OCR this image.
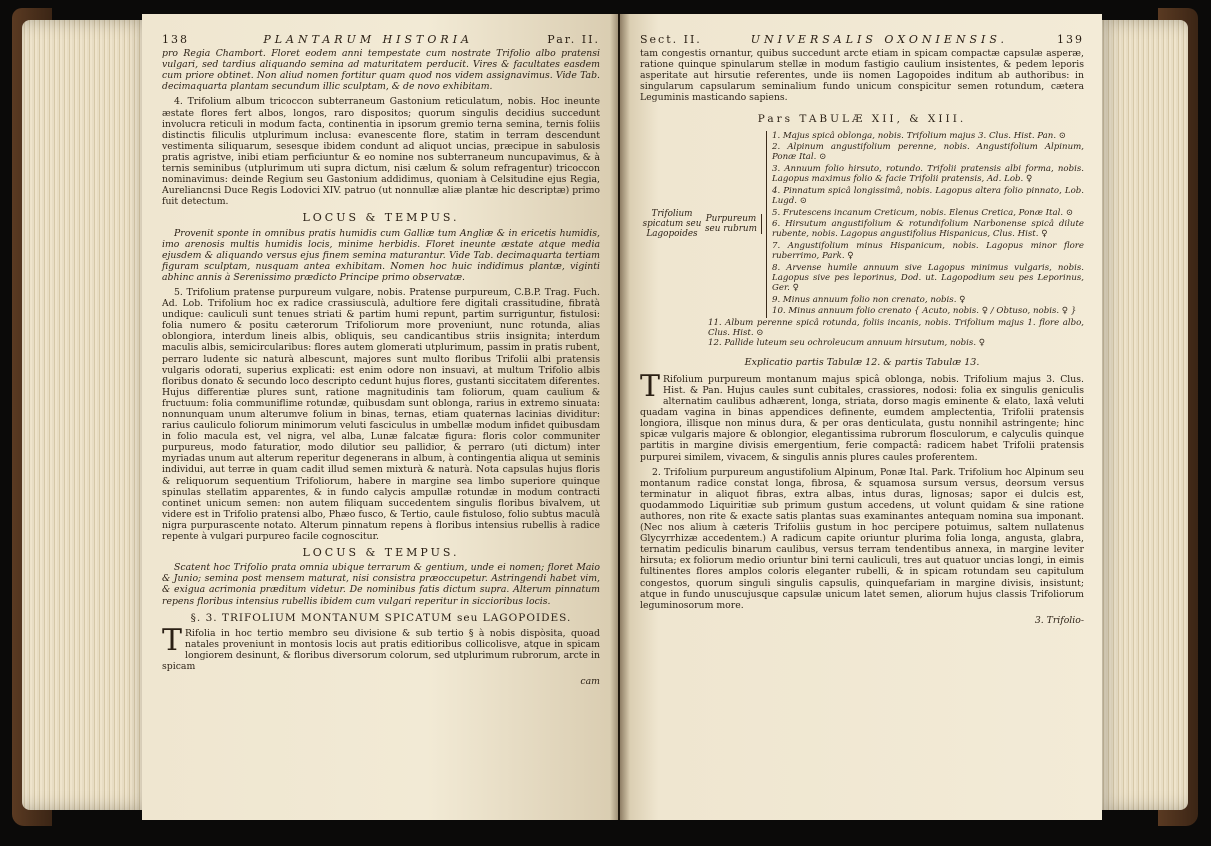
138	PLANTARUM HISTORIA	Par. II.

pro Regia Chambort. Floret eodem anni tempestate cum nostrate Trifolio albo pratensi vulgari, sed tardius aliquando semina ad maturitatem perducit. Vires & facultates easdem cum priore obtinet. Non aliud nomen fortitur quam quod nos videm assignavimus. Vide Tab. decimaquarta plantam secundum illic sculptam, & de novo exhibitam.

4. Trifolium album tricoccon subterraneum Gastonium reticulatum, nobis. Hoc ineunte æstate flores fert albos, longos, raro dispositos; quorum singulis decidius succedunt involucra reticuli in modum facta, continentia in ipsorum gremio terna semina, ternis foliis distinctis filiculis utplurimum inclusa: evanescente flore, statim in terram descendunt vestimenta siliquarum, sesesque ibidem condunt ad aliquot uncias, præcipue in sabulosis pratis agristve, inibi etiam perficiuntur & eo nomine nos subterraneum nuncupavimus, & à ternis seminibus (utplurimum uti supra dictum, nisi cælum & solum refragentur) tricoccon nominavimus: deinde Regium seu Gastonium addidimus, quoniam à Celsitudine ejus Regia, Aureliancnsi Duce Regis Lodovici XIV. patruo (ut nonnullæ aliæ plantæ hic descriptæ) primo fuit detectum.

LOCUS & TEMPUS.

Provenit sponte in omnibus pratis humidis cum Galliæ tum Angliæ & in ericetis humidis, imo arenosis multis humidis locis, minime herbidis. Floret ineunte æstate atque media ejusdem & aliquando versus ejus finem semina maturantur. Vide Tab. decimaquarta tertiam figuram sculptam, nusquam antea exhibitam. Nomen hoc huic indidimus plantæ, viginti abhinc annis à Serenissimo prædicto Principe primo observatæ.

5. Trifolium pratense purpureum vulgare, nobis. Pratense purpureum, C.B.P. Trag. Fuch. Ad. Lob. Trifolium hoc ex radice crassiusculà, adultiore fere digitali crassitudine, fibratà undique: cauliculi sunt tenues striati & partim humi repunt, partim surriguntur, fistulosi: folia numero & positu cæterorum Trifoliorum more proveniunt, nunc rotunda, alias oblongiora, interdum lineis albis, obliquis, seu candicantibus striis insignita; interdum maculis albis, semicircularibus: flores autem glomerati utplurimum, passim in pratis rubent, perraro ludente sic naturà albescunt, majores sunt multo floribus Trifolii albi pratensis vulgaris odorati, superius explicati: est enim odore non insuavi, at multum Trifolio albis floribus donato & secundo loco descripto cedunt hujus flores, gustanti siccitatem diferentes. Hujus differentiæ plures sunt, ratione magnitudinis tam foliorum, quam caulium & fructuum: folia communiflime rotundæ, quibusdam sunt oblonga, rarius in extremo sinuata: nonnunquam unum alterumve folium in binas, ternas, etiam quaternas lacinias dividitur: rarius cauliculo foliorum minimorum veluti fasciculus in umbellæ modum infidet quibusdam in folio macula est, vel nigra, vel alba, Lunæ falcatæ figura: floris color communiter purpureus, modo faturatior, modo dilutior seu pallidior, & perraro (uti dictum) inter myriadas unum aut alterum reperitur degenerans in album, à contingentia aliqua ut seminis individui, aut terræ in quam cadit illud semen mixturà & naturà. Nota capsulas hujus floris & reliquorum sequentium Trifoliorum, habere in margine sea limbo superiore quinque spinulas stellatim apparentes, & in fundo calycis ampullæ rotundæ in modum contracti continet unicum semen: non autem filiquam succedentem singulis floribus bivalvem, ut videre est in Trifolio pratensi albo, Phæo fusco, & Tertio, caule fistuloso, folio subtus maculà nigra purpurascente notato. Alterum pinnatum repens à floribus intensius rubellis à radice repente à vulgari purpureo facile cognoscitur.

LOCUS & TEMPUS.

Scatent hoc Trifolio prata omnia ubique terrarum & gentium, unde ei nomen; floret Maio & Junio; semina post mensem maturat, nisi consistra præoccupetur. Astringendi habet vim, & exigua acrimonia præditum videtur. De nominibus fatis dictum supra. Alterum pinnatum repens floribus intensius rubellis ibidem cum vulgari reperitur in siccioribus locis.

§. 3. TRIFOLIUM MONTANUM SPICATUM seu LAGOPOIDES.

T Rifolia in hoc tertio membro seu divisione & sub tertio § à nobis dispòsita, quoad natales proveniunt in montosis locis aut pratis editioribus collicolisve, atque in spicam longiorem desinunt, & floribus diversorum colorum, sed utplurimum rubrorum, arcte in spicam

cam
Sect. II.	UNIVERSALIS OXONIENSIS.	139

tam congestis ornantur, quibus succedunt arcte etiam in spicam compactæ capsulæ asperæ, ratione quinque spinularum stellæ in modum fastigio caulium insistentes, & pedem leporis asperitate aut hirsutie referentes, unde iis nomen Lagopoides inditum ab authoribus: in singularum capsularum seminalium fundo unicum conspicitur semen rotundum, cætera Leguminis masticando sapiens.

Pars TABULÆ XII, & XIII.
Trifolium spicatum seu Lagopoides
Purpureum seu rubrum
1. Majus spicâ oblonga, nobis. Trifolium majus 3. Clus. Hist. Pan. ⊙
2. Alpinum angustifolium perenne, nobis. Angustifolium Alpinum, Ponæ Ital. ⊙
3. Annuum folio hirsuto, rotundo. Trifolii pratensis albi forma, nobis. Lagopus maximus folio & facie Trifolii pratensis, Ad. Lob. ♀
4. Pinnatum spicâ longissimâ, nobis. Lagopus altera folio pinnato, Lob. Lugd. ⊙
5. Frutescens incanum Creticum, nobis. Elenus Cretica, Ponæ Ital. ⊙
6. Hirsutum angustifolium & rotundifolium Narbonense spicâ dilute rubente, nobis. Lagopus angustifolius Hispanicus, Clus. Hist. ♀
7. Angustifolium minus Hispanicum, nobis. Lagopus minor flore ruberrimo, Park. ♀
8. Arvense humile annuum sive Lagopus minimus vulgaris, nobis. Lagopus sive pes leporinus, Dod. ut. Lagopodium seu pes Leporinus, Ger. ♀
9. Minus annuum folio non crenato, nobis. ♀
10. Minus annuum folio crenato { Acuto, nobis. ♀ / Obtuso, nobis. ♀ }
11. Album perenne spicâ rotunda, foliis incanis, nobis. Trifolium majus 1. flore albo, Clus. Hist. ⊙
12. Pallide luteum seu ochroleucum annuum hirsutum, nobis. ♀
Explicatio partis Tabulæ 12. & partis Tabulæ 13.

T Rifolium purpureum montanum majus spicâ oblonga, nobis. Trifolium majus 3. Clus. Hist. & Pan. Hujus caules sunt cubitales, crassiores, nodosi: folia ex singulis geniculis alternatim caulibus adhærent, longa, striata, dorso magis eminente & elato, laxâ veluti quadam vagina in binas appendices definente, eumdem amplectentia, Trifolii pratensis longiora, illisque non minus dura, & per oras denticulata, gustu nonnihil astringente; hinc spicæ vulgaris majore & oblongior, elegantissima rubrorum flosculorum, e calyculis quinque partitis in margine divisis emergentium, ferie compactâ: radicem habet Trifolii pratensis purpurei similem, vivacem, & singulis annis plures caules proferentem.

2. Trifolium purpureum angustifolium Alpinum, Ponæ Ital. Park. Trifolium hoc Alpinum seu montanum radice constat longa, fibrosa, & squamosa sursum versus, deorsum versus terminatur in aliquot fibras, extra albas, intus duras, lignosas; sapor ei dulcis est, quodammodo Liquiritiæ sub primum gustum accedens, ut volunt quidam & sine ratione authores, non rite & exacte satis plantas suas examinantes antequam nomina sua imponant. (Nec nos alium à cæteris Trifoliis gustum in hoc percipere potuimus, saltem nullatenus Glycyrrhizæ accedentem.) A radicum capite oriuntur plurima folia longa, angusta, glabra, ternatim pediculis binarum caulibus, versus terram tendentibus annexa, in margine leviter hirsuta; ex foliorum medio oriuntur bini terni cauliculi, tres aut quatuor uncias longi, in eimis fultinentes flores amplos coloris eleganter rubelli, & in spicam rotundam seu capitulum congestos, quorum singuli singulis capsulis, quinquefariam in margine divisis, insistunt; atque in fundo unuscujusque capsulæ unicum latet semen, aliorum hujus classis Trifoliorum leguminosorum more.

3. Trifolio-
